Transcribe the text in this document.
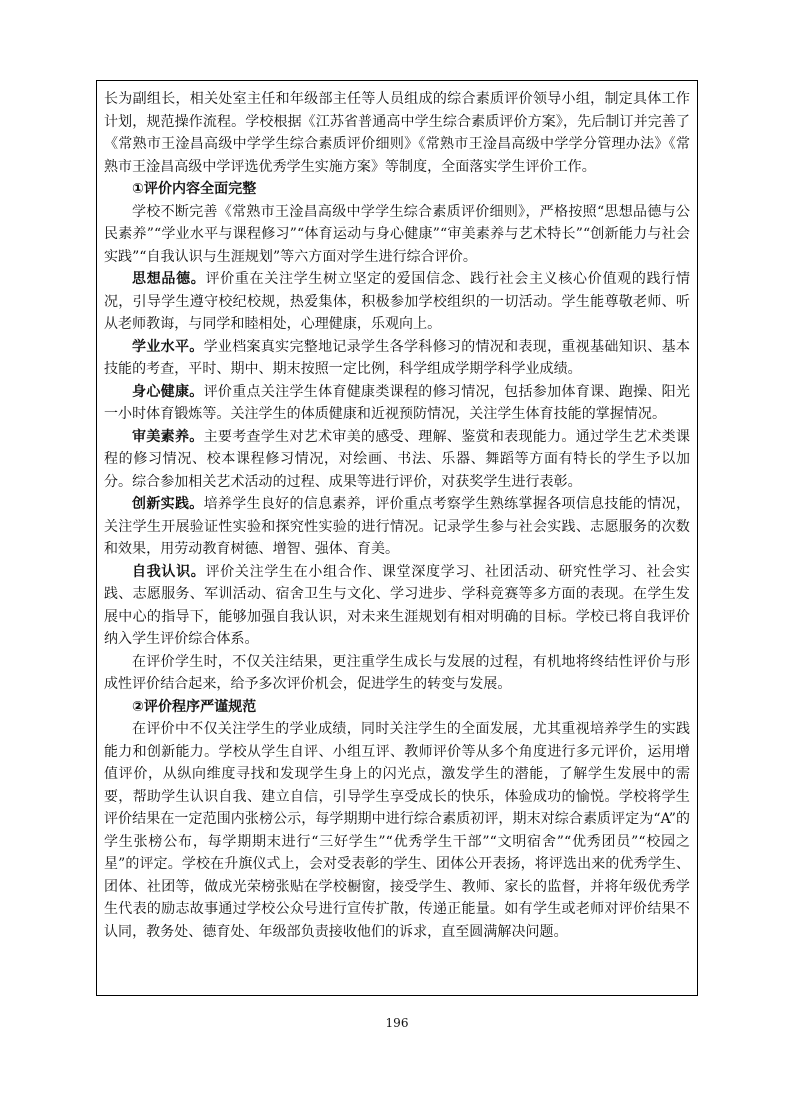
长为副组长，相关处室主任和年级部主任等人员组成的综合素质评价领导小组，制定具体工作计划，规范操作流程。学校根据《江苏省普通高中学生综合素质评价方案》，先后制订并完善了《常熟市王淦昌高级中学学生综合素质评价细则》《常熟市王淦昌高级中学学分管理办法》《常熟市王淦昌高级中学评选优秀学生实施方案》等制度，全面落实学生评价工作。

①评价内容全面完整

学校不断完善《常熟市王淦昌高级中学学生综合素质评价细则》，严格按照“思想品德与公民素养”“学业水平与课程修习”“体育运动与身心健康”“审美素养与艺术特长”“创新能力与社会实践”“自我认识与生涯规划”等六方面对学生进行综合评价。

思想品德。评价重在关注学生树立坚定的爱国信念、践行社会主义核心价值观的践行情况，引导学生遵守校纪校规，热爱集体，积极参加学校组织的一切活动。学生能尊敬老师、听从老师教诲，与同学和睦相处，心理健康，乐观向上。

学业水平。学业档案真实完整地记录学生各学科修习的情况和表现，重视基础知识、基本技能的考查，平时、期中、期末按照一定比例，科学组成学期学科学业成绩。

身心健康。评价重点关注学生体育健康类课程的修习情况，包括参加体育课、跑操、阳光一小时体育锻炼等。关注学生的体质健康和近视预防情况，关注学生体育技能的掌握情况。

审美素养。主要考查学生对艺术审美的感受、理解、鉴赏和表现能力。通过学生艺术类课程的修习情况、校本课程修习情况，对绘画、书法、乐器、舞蹈等方面有特长的学生予以加分。综合参加相关艺术活动的过程、成果等进行评价，对获奖学生进行表彰。

创新实践。培养学生良好的信息素养，评价重点考察学生熟练掌握各项信息技能的情况，关注学生开展验证性实验和探究性实验的进行情况。记录学生参与社会实践、志愿服务的次数和效果，用劳动教育树德、增智、强体、育美。

自我认识。评价关注学生在小组合作、课堂深度学习、社团活动、研究性学习、社会实践、志愿服务、军训活动、宿舍卫生与文化、学习进步、学科竞赛等多方面的表现。在学生发展中心的指导下，能够加强自我认识，对未来生涯规划有相对明确的目标。学校已将自我评价纳入学生评价综合体系。

在评价学生时，不仅关注结果，更注重学生成长与发展的过程，有机地将终结性评价与形成性评价结合起来，给予多次评价机会，促进学生的转变与发展。

②评价程序严谨规范

在评价中不仅关注学生的学业成绩，同时关注学生的全面发展，尤其重视培养学生的实践能力和创新能力。学校从学生自评、小组互评、教师评价等从多个角度进行多元评价，运用增值评价，从纵向维度寻找和发现学生身上的闪光点，激发学生的潜能，了解学生发展中的需要，帮助学生认识自我、建立自信，引导学生享受成长的快乐，体验成功的愉悦。学校将学生评价结果在一定范围内张榜公示，每学期期中进行综合素质初评，期末对综合素质评定为“A”的学生张榜公布，每学期期末进行“三好学生”“优秀学生干部”“文明宿舍”“优秀团员”“校园之星”的评定。学校在升旗仪式上，会对受表彰的学生、团体公开表扬，将评选出来的优秀学生、团体、社团等，做成光荣榜张贴在学校橱窗，接受学生、教师、家长的监督，并将年级优秀学生代表的励志故事通过学校公众号进行宣传扩散，传递正能量。如有学生或老师对评价结果不认同，教务处、德育处、年级部负责接收他们的诉求，直至圆满解决问题。

196
